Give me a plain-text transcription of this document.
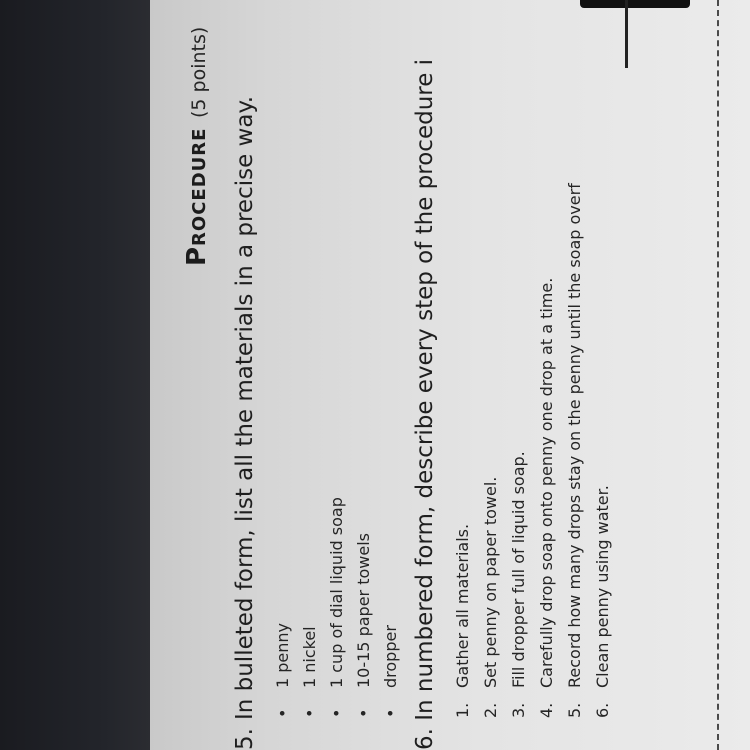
Procedure
(5 points)
5.In bulleted form, list all the materials in a precise way. •1 penny
•1 nickel
•1 cup of dial liquid soap
•10-15 paper towels
•dropper
6. In numbered form, describe every step of the procedure i 1.Gather all materials.
2.Set penny on paper towel.
3.Fill dropper full of liquid soap.
4.Carefully drop soap onto penny one drop at a time.
5.Record how many drops stay on the penny until the soap overf
6.Clean penny using water.
